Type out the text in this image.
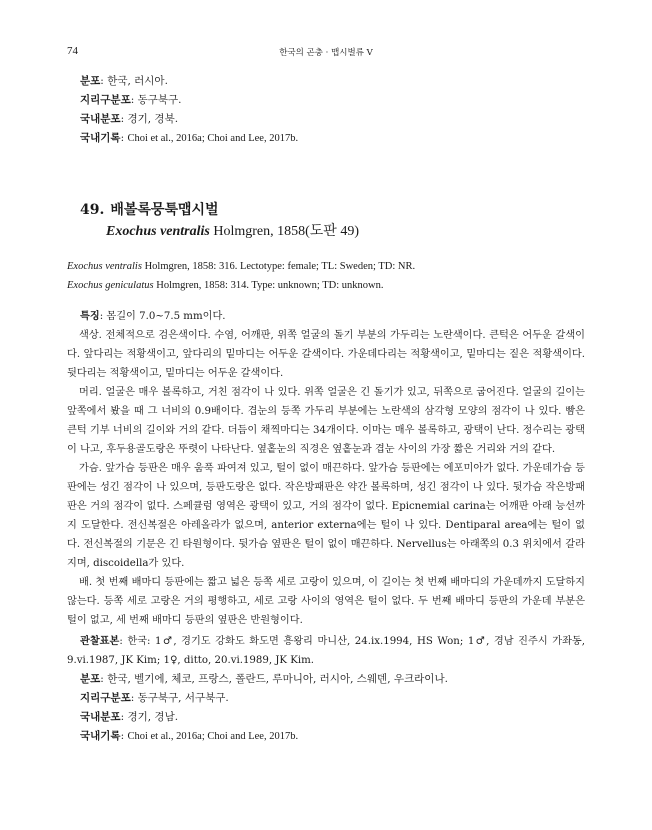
74	한국의 곤충 · 맵시벌류 V
분포: 한국, 러시아.
지리구분포: 동구북구.
국내분포: 경기, 경북.
국내기록: Choi et al., 2016a; Choi and Lee, 2017b.
49. 배볼록뭉툭맵시벌
Exochus ventralis Holmgren, 1858(도판 49)
Exochus ventralis Holmgren, 1858: 316. Lectotype: female; TL: Sweden; TD: NR.
Exochus geniculatus Holmgren, 1858: 314. Type: unknown; TD: unknown.

특징: 몸길이 7.0~7.5 mm이다.

색상. 전체적으로 검은색이다. 수염, 어깨판, 위쪽 얼굴의 돌기 부분의 가두리는 노란색이다. 큰턱은 어두운 갈색이다. 앞다리는 적황색이고, 앞다리의 밑마디는 어두운 갈색이다. 가운데다리는 적황색이고, 밑마디는 짙은 적황색이다. 뒷다리는 적황색이고, 밑마디는 어두운 갈색이다.

머리. 얼굴은 매우 볼록하고, 거친 점각이 나 있다. 위쪽 얼굴은 긴 돌기가 있고, 뒤쪽으로 굽어진다. 얼굴의 길이는 앞쪽에서 봤을 때 그 너비의 0.9배이다. 겹눈의 등쪽 가두리 부분에는 노란색의 삼각형 모양의 점각이 나 있다. 빰은 큰턱 기부 너비의 길이와 거의 같다. 더듬이 채찍마디는 34개이다. 이마는 매우 볼록하고, 광택이 난다. 정수리는 광택이 나고, 후두용골도랑은 뚜렷이 나타난다. 옆홑눈의 직경은 옆홑눈과 겹눈 사이의 가장 짧은 거리와 거의 같다.

가슴. 앞가슴 등판은 매우 움푹 파여져 있고, 털이 없이 매끈하다. 앞가슴 등판에는 에포미아가 없다. 가운데가슴 등판에는 성긴 점각이 나 있으며, 등판도랑은 없다. 작은방패판은 약간 볼록하며, 성긴 점각이 나 있다. 뒷가슴 작은방패판은 거의 점각이 없다. 스페큘럼 영역은 광택이 있고, 거의 점각이 없다. Epicnemial carina는 어깨판 아래 능선까지 도달한다. 전신복절은 아레올라가 없으며, anterior externa에는 털이 나 있다. Dentiparal area에는 털이 없다. 전신복절의 기문은 긴 타원형이다. 뒷가슴 옆판은 털이 없이 매끈하다. Nervellus는 아래쪽의 0.3 위치에서 갈라지며, discoidella가 있다.

배. 첫 번째 배마디 등판에는 짧고 넓은 등쪽 세로 고랑이 있으며, 이 길이는 첫 번째 배마디의 가운데까지 도달하지 않는다. 등쪽 세로 고랑은 거의 평행하고, 세로 고랑 사이의 영역은 털이 없다. 두 번째 배마디 등판의 가운데 부분은 털이 없고, 세 번째 배마디 등판의 옆판은 반원형이다.

관찰표본: 한국: 1♂, 경기도 강화도 화도면 흥왕리 마니산, 24.ix.1994, HS Won; 1♂, 경남 진주시 가좌동, 9.vi.1987, JK Kim; 1♀, ditto, 20.vi.1989, JK Kim.

분포: 한국, 벨기에, 체코, 프랑스, 폴란드, 루마니아, 러시아, 스웨덴, 우크라이나.
지리구분포: 동구북구, 서구북구.
국내분포: 경기, 경남.
국내기록: Choi et al., 2016a; Choi and Lee, 2017b.
